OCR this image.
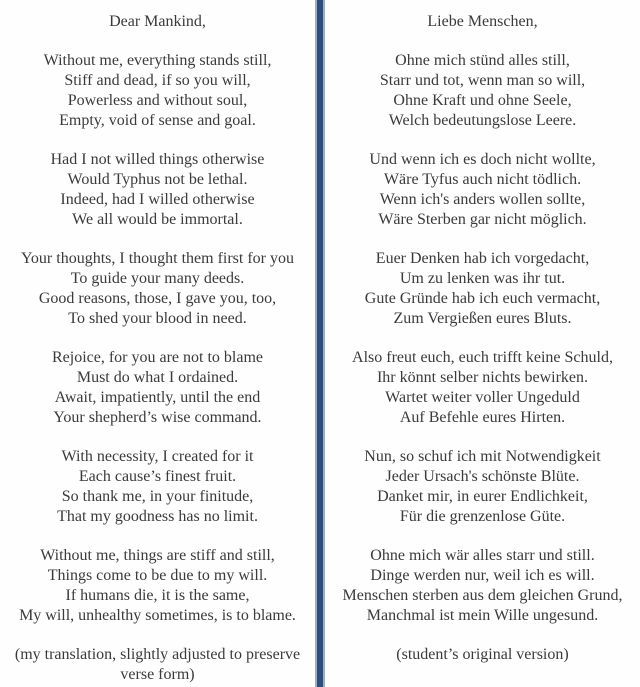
Dear Mankind,
Without me, everything stands still,
Stiff and dead, if so you will,
Powerless and without soul,
Empty, void of sense and goal.
Had I not willed things otherwise
Would Typhus not be lethal.
Indeed, had I willed otherwise
We all would be immortal.
Your thoughts, I thought them first for you
To guide your many deeds.
Good reasons, those, I gave you, too,
To shed your blood in need.
Rejoice, for you are not to blame
Must do what I ordained.
Await, impatiently, until the end
Your shepherd’s wise command.
With necessity, I created for it
Each cause’s finest fruit.
So thank me, in your finitude,
That my goodness has no limit.
Without me, things are stiff and still,
Things come to be due to my will.
If humans die, it is the same,
My will, unhealthy sometimes, is to blame.
(my translation, slightly adjusted to preserve verse form)
Liebe Menschen,
Ohne mich stünd alles still,
Starr und tot, wenn man so will,
Ohne Kraft und ohne Seele,
Welch bedeutungslose Leere.
Und wenn ich es doch nicht wollte,
Wäre Tyfus auch nicht tödlich.
Wenn ich's anders wollen sollte,
Wäre Sterben gar nicht möglich.
Euer Denken hab ich vorgedacht,
Um zu lenken was ihr tut.
Gute Gründe hab ich euch vermacht,
Zum Vergießen eures Bluts.
Also freut euch, euch trifft keine Schuld,
Ihr könnt selber nichts bewirken.
Wartet weiter voller Ungeduld
Auf Befehle eures Hirten.
Nun, so schuf ich mit Notwendigkeit
Jeder Ursach's schönste Blüte.
Danket mir, in eurer Endlichkeit,
Für die grenzenlose Güte.
Ohne mich wär alles starr und still.
Dinge werden nur, weil ich es will.
Menschen sterben aus dem gleichen Grund,
Manchmal ist mein Wille ungesund.
(student’s original version)
